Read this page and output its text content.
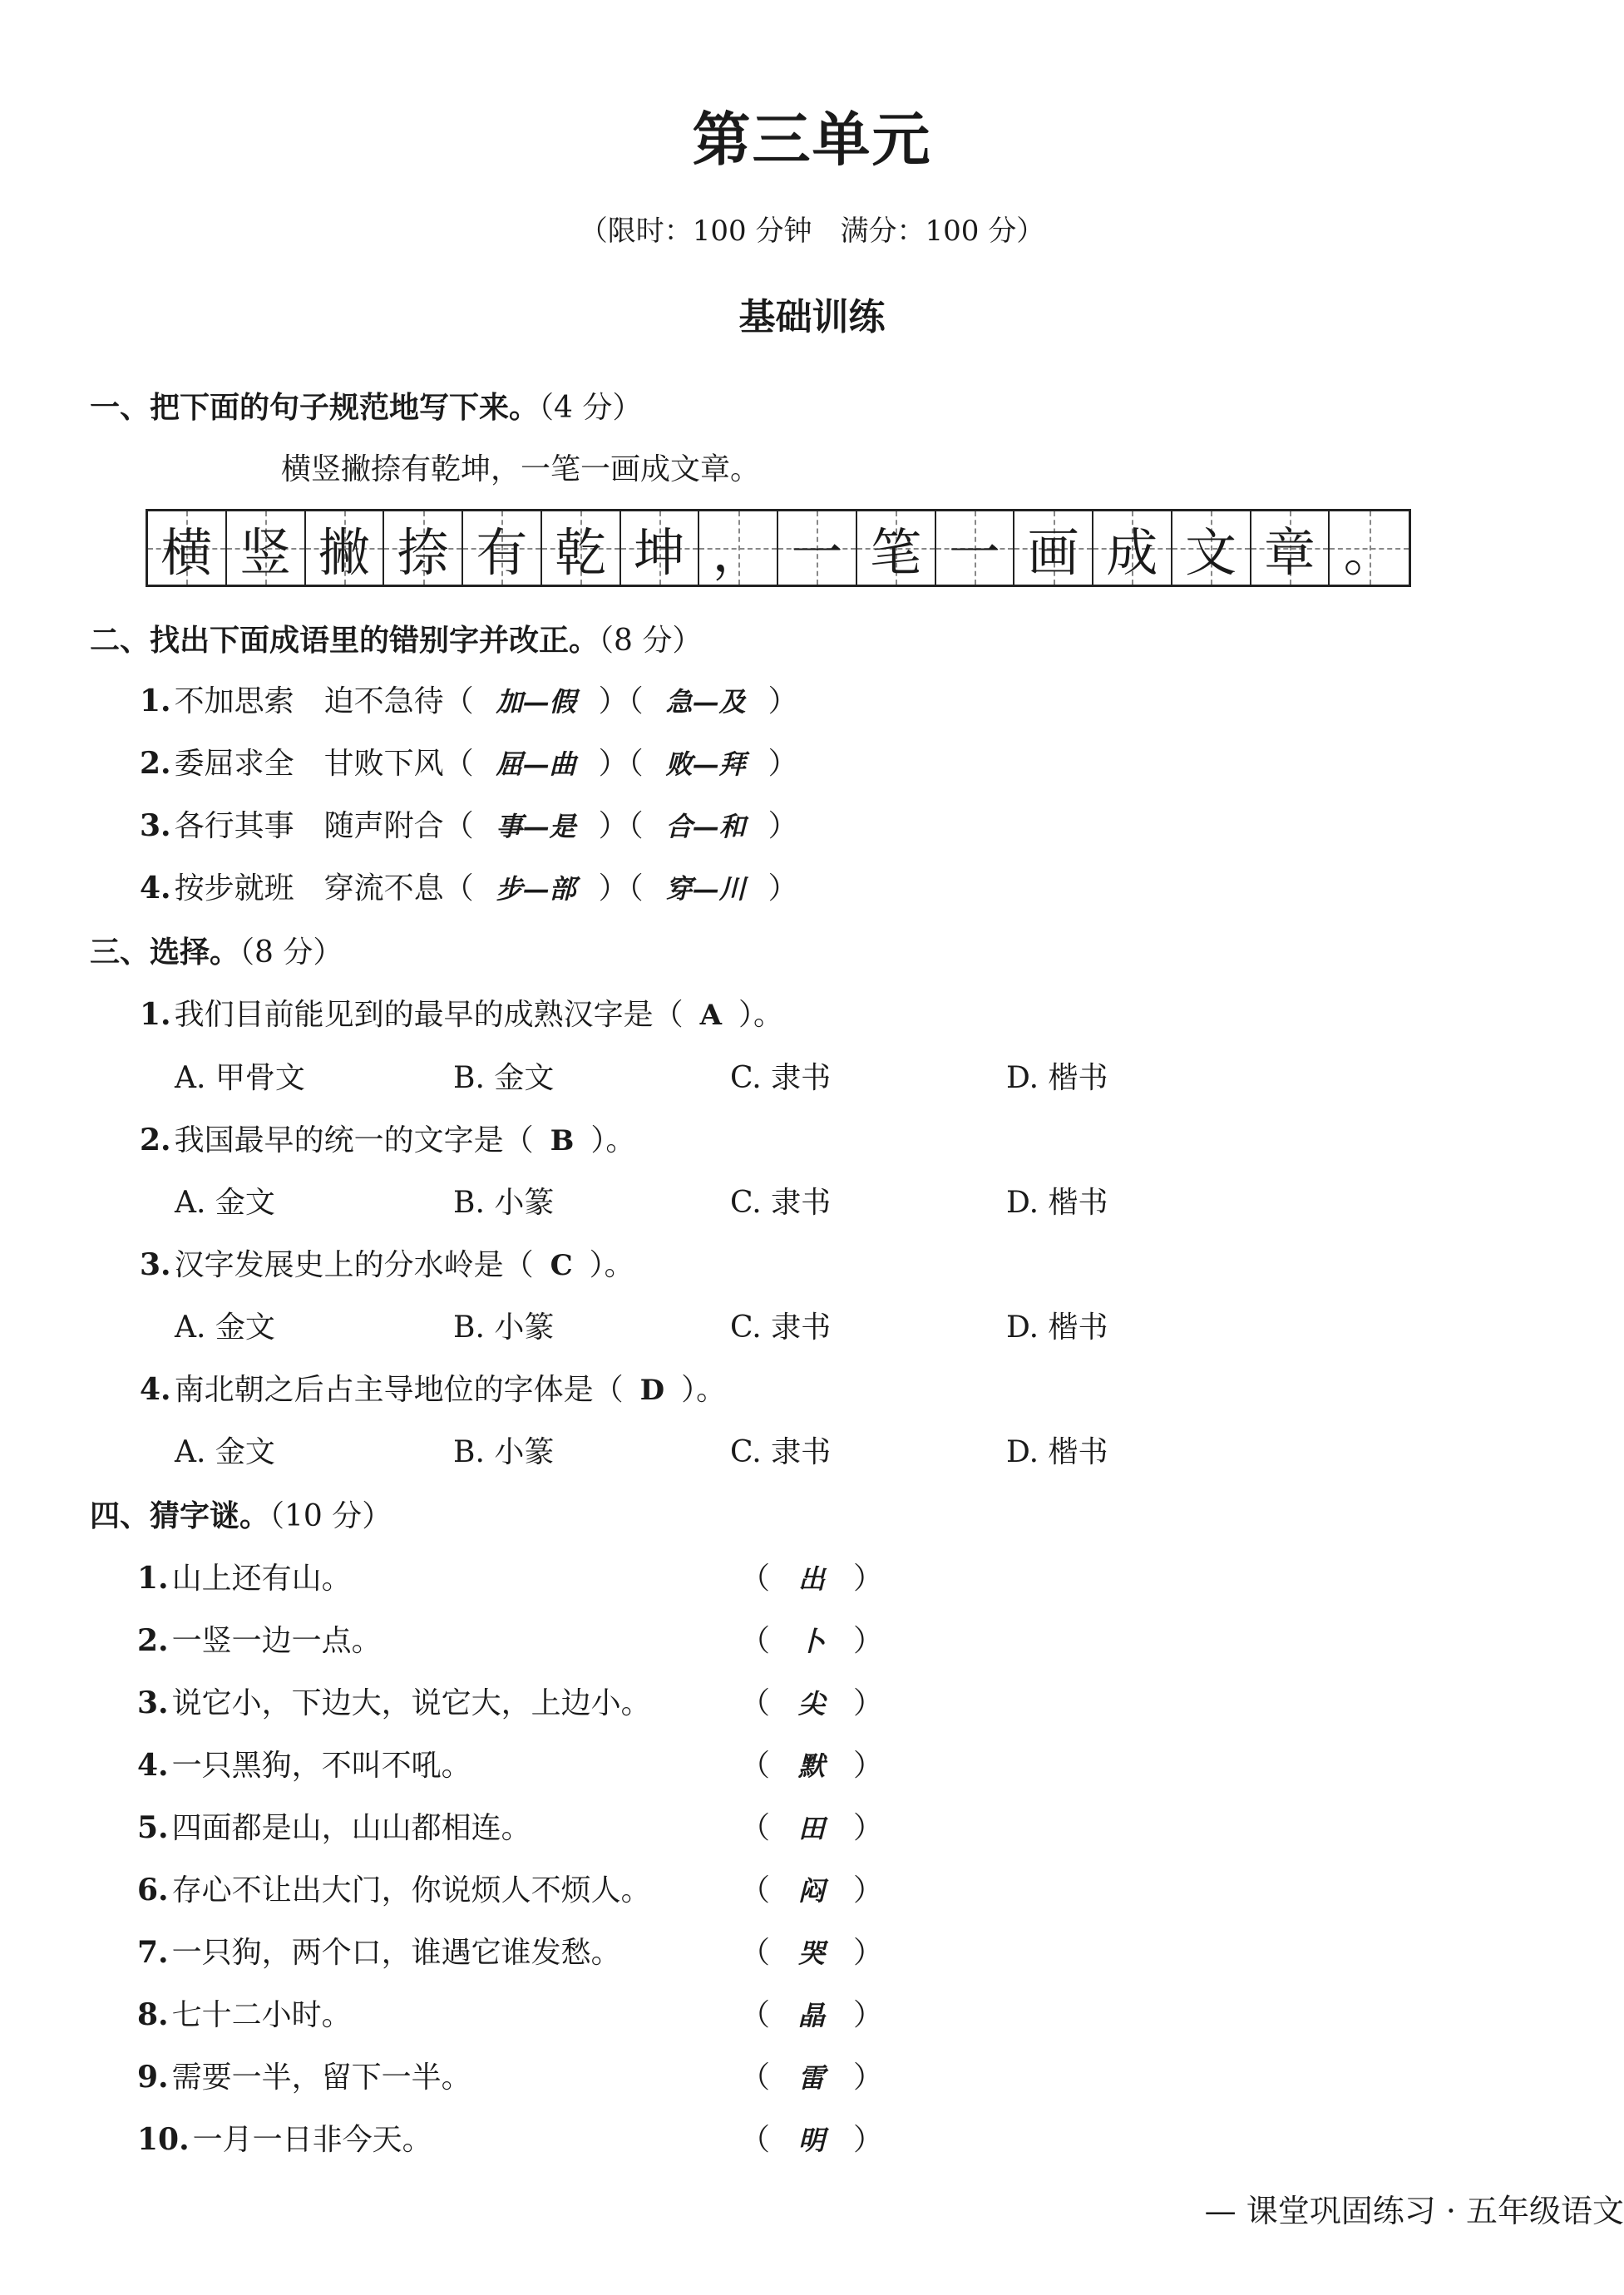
第三单元
（限时：100 分钟　满分：100 分）
基础训练
一、把下面的句子规范地写下来。（4 分）
横竖撇捺有乾坤，一笔一画成文章。
横 竖 撇 捺 有 乾 坤 ， 一 笔 一 画 成 文 章 。
二、找出下面成语里的错别字并改正。（8 分）
1. 不加思索　 迫不急待（ 加—假 ）（ 急—及 ）
2. 委屈求全　 甘败下风（ 屈—曲 ）（ 败—拜 ）
3. 各行其事　 随声附合（ 事—是 ）（ 合—和 ）
4. 按步就班　 穿流不息（ 步—部 ）（ 穿—川 ）
三、选择。（8 分）
1. 我们目前能见到的最早的成熟汉字是（ A ）。
A. 甲骨文	B. 金文	C. 隶书	D. 楷书
2. 我国最早的统一的文字是（ B ）。
A. 金文	B. 小篆	C. 隶书	D. 楷书
3. 汉字发展史上的分水岭是（ C ）。
A. 金文	B. 小篆	C. 隶书	D. 楷书
4. 南北朝之后占主导地位的字体是（ D ）。
A. 金文	B. 小篆	C. 隶书	D. 楷书
四、猜字谜。（10 分）
1. 山上还有山。	（ 出 ）
2. 一竖一边一点。	（ 卜 ）
3. 说它小，下边大，说它大，上边小。	（ 尖 ）
4. 一只黑狗，不叫不吼。	（ 默 ）
5. 四面都是山，山山都相连。	（ 田 ）
6. 存心不让出大门，你说烦人不烦人。	（ 闷 ）
7. 一只狗，两个口，谁遇它谁发愁。	（ 哭 ）
8. 七十二小时。	（ 晶 ）
9. 需要一半，留下一半。	（ 雷 ）
10. 一月一日非今天。	（ 明 ）
— 课堂巩固练习 · 五年级语文
